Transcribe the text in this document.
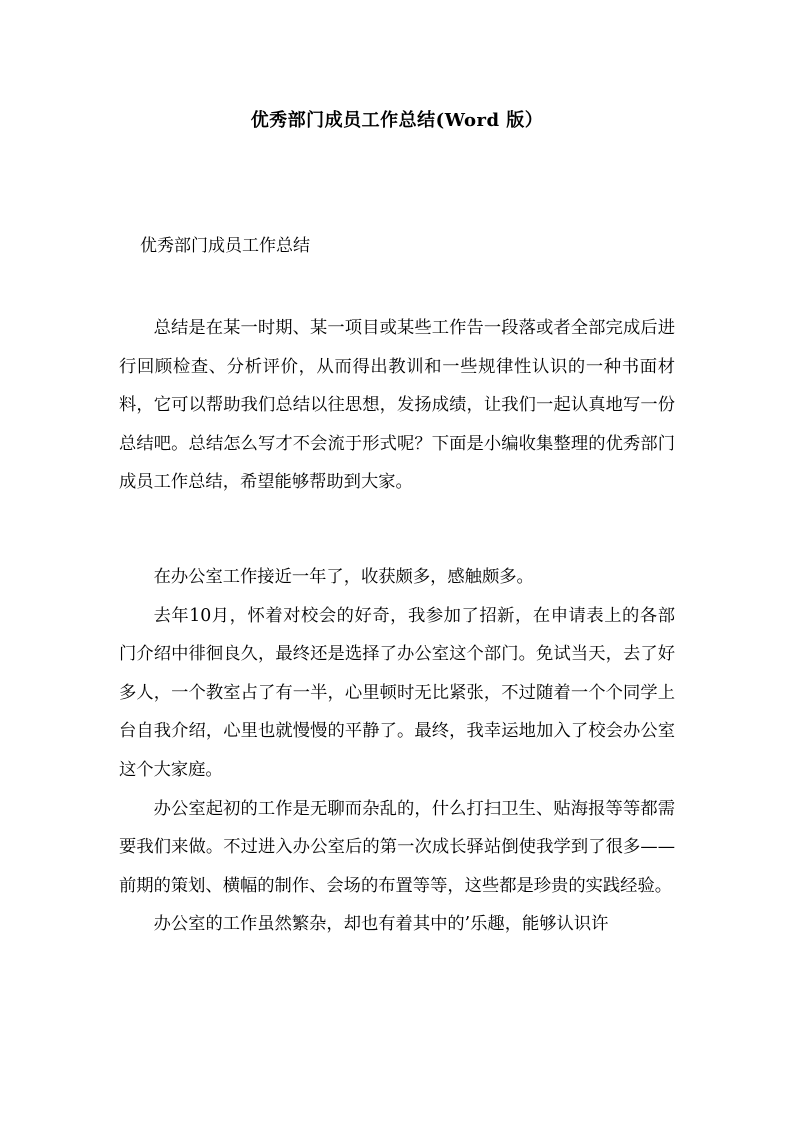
优秀部门成员工作总结(Word 版）
优秀部门成员工作总结

总结是在某一时期、某一项目或某些工作告一段落或者全部完成后进行回顾检查、分析评价，从而得出教训和一些规律性认识的一种书面材料，它可以帮助我们总结以往思想，发扬成绩，让我们一起认真地写一份总结吧。总结怎么写才不会流于形式呢？下面是小编收集整理的优秀部门成员工作总结，希望能够帮助到大家。

在办公室工作接近一年了，收获颇多，感触颇多。

去年10月，怀着对校会的好奇，我参加了招新，在申请表上的各部门介绍中徘徊良久，最终还是选择了办公室这个部门。免试当天，去了好多人，一个教室占了有一半，心里顿时无比紧张，不过随着一个个同学上台自我介绍，心里也就慢慢的平静了。最终，我幸运地加入了校会办公室这个大家庭。

办公室起初的工作是无聊而杂乱的，什么打扫卫生、贴海报等等都需要我们来做。不过进入办公室后的第一次成长驿站倒使我学到了很多——前期的策划、横幅的制作、会场的布置等等，这些都是珍贵的实践经验。

办公室的工作虽然繁杂，却也有着其中的’乐趣，能够认识许
